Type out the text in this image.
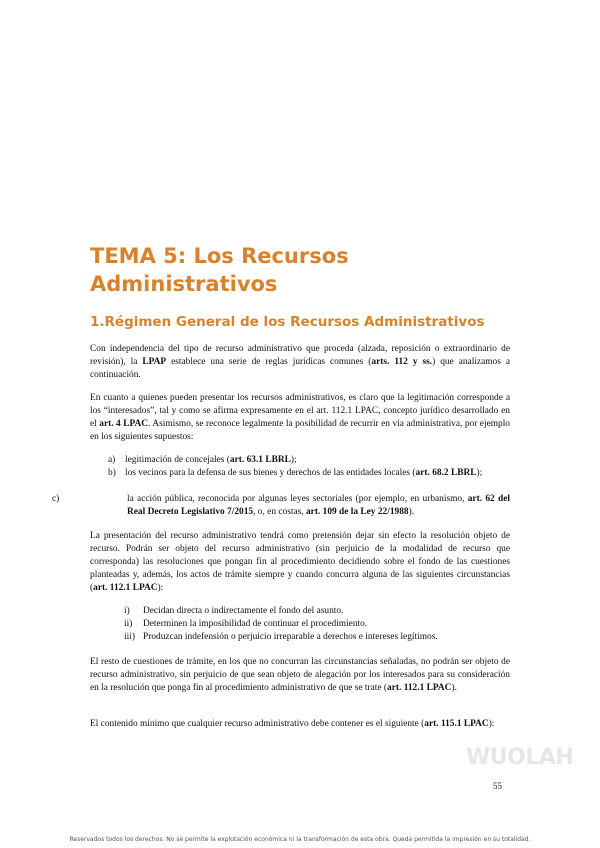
TEMA 5: Los Recursos Administrativos
1.Régimen General de los Recursos Administrativos

Con independencia del tipo de recurso administrativo que proceda (alzada, reposición o extraordinario de revisión), la LPAP establece una serie de reglas jurídicas comunes (arts. 112 y ss.) que analizamos a continuación.

En cuanto a quienes pueden presentar los recursos administrativos, es claro que la legitimación corresponde a los “interesados”, tal y como se afirma expresamente en el art. 112.1 LPAC, concepto jurídico desarrollado en el art. 4 LPAC. Asimismo, se reconoce legalmente la posibilidad de recurrir en vía administrativa, por ejemplo en los siguientes supuestos:

a) legitimación de concejales (art. 63.1 LBRL);
b) los vecinos para la defensa de sus bienes y derechos de las entidades locales (art. 68.2 LBRL);
c)	la acción pública, reconocida por algunas leyes sectoriales (por ejemplo, en urbanismo, art. 62 del Real Decreto Legislativo 7/2015, o, en costas, art. 109 de la Ley 22/1988).

La presentación del recurso administrativo tendrá como pretensión dejar sin efecto la resolución objeto de recurso. Podrán ser objeto del recurso administrativo (sin perjuicio de la modalidad de recurso que corresponda) las resoluciones que pongan fin al procedimiento decidiendo sobre el fondo de las cuestiones planteadas y, además, los actos de trámite siempre y cuando concurra alguna de las siguientes circunstancias (art. 112.1 LPAC):

i) Decidan directa o indirectamente el fondo del asunto.
ii) Determinen la imposibilidad de continuar el procedimiento.
iii) Produzcan indefensión o perjuicio irreparable a derechos e intereses legítimos.

El resto de cuestiones de trámite, en los que no concurran las circunstancias señaladas, no podrán ser objeto de recurso administrativo, sin perjuicio de que sean objeto de alegación por los interesados para su consideración en la resolución que ponga fin al procedimiento administrativo de que se trate (art. 112.1 LPAC).

El contenido mínimo que cualquier recurso administrativo debe contener es el siguiente (art. 115.1 LPAC):

WUOLAH
55
Reservados todos los derechos. No se permite la explotación económica ni la transformación de esta obra. Queda permitida la impresión en su totalidad.
